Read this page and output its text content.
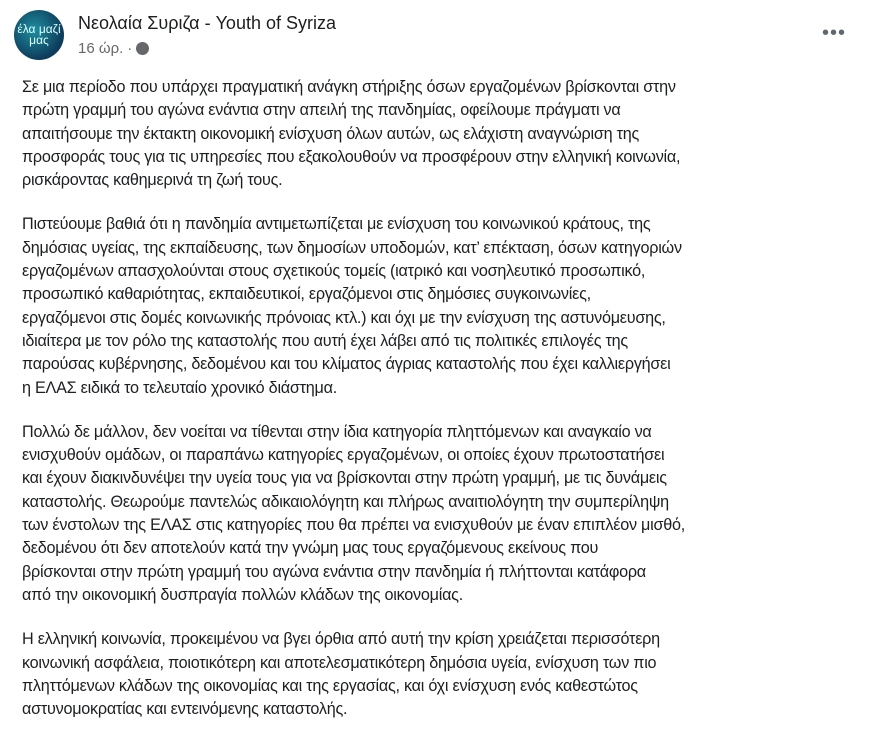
έλα μαζί μας
Νεολαία Συριζα - Youth of Syriza
16 ώρ. ·
•••
Σε μια περίοδο που υπάρχει πραγματική ανάγκη στήριξης όσων εργαζομένων βρίσκονται στην
πρώτη γραμμή του αγώνα ενάντια στην απειλή της πανδημίας, οφείλουμε πράγματι να
απαιτήσουμε την έκτακτη οικονομική ενίσχυση όλων αυτών, ως ελάχιστη αναγνώριση της
προσφοράς τους για τις υπηρεσίες που εξακολουθούν να προσφέρουν στην ελληνική κοινωνία,
ρισκάροντας καθημερινά τη ζωή τους.
Πιστεύουμε βαθιά ότι η πανδημία αντιμετωπίζεται με ενίσχυση του κοινωνικού κράτους, της
δημόσιας υγείας, της εκπαίδευσης, των δημοσίων υποδομών, κατ’ επέκταση, όσων κατηγοριών
εργαζομένων απασχολούνται στους σχετικούς τομείς (ιατρικό και νοσηλευτικό προσωπικό,
προσωπικό καθαριότητας, εκπαιδευτικοί, εργαζόμενοι στις δημόσιες συγκοινωνίες,
εργαζόμενοι στις δομές κοινωνικής πρόνοιας κτλ.) και όχι με την ενίσχυση της αστυνόμευσης,
ιδιαίτερα με τον ρόλο της καταστολής που αυτή έχει λάβει από τις πολιτικές επιλογές της
παρούσας κυβέρνησης, δεδομένου και του κλίματος άγριας καταστολής που έχει καλλιεργήσει
η ΕΛΑΣ ειδικά το τελευταίο χρονικό διάστημα.
Πολλώ δε μάλλον, δεν νοείται να τίθενται στην ίδια κατηγορία πληττόμενων και αναγκαίο να
ενισχυθούν ομάδων, οι παραπάνω κατηγορίες εργαζομένων, οι οποίες έχουν πρωτοστατήσει
και έχουν διακινδυνέψει την υγεία τους για να βρίσκονται στην πρώτη γραμμή, με τις δυνάμεις
καταστολής. Θεωρούμε παντελώς αδικαιολόγητη και πλήρως αναιτιολόγητη την συμπερίληψη
των ένστολων της ΕΛΑΣ στις κατηγορίες που θα πρέπει να ενισχυθούν με έναν επιπλέον μισθό,
δεδομένου ότι δεν αποτελούν κατά την γνώμη μας τους εργαζόμενους εκείνους που
βρίσκονται στην πρώτη γραμμή του αγώνα ενάντια στην πανδημία ή πλήττονται κατάφορα
από την οικονομική δυσπραγία πολλών κλάδων της οικονομίας.
Η ελληνική κοινωνία, προκειμένου να βγει όρθια από αυτή την κρίση χρειάζεται περισσότερη
κοινωνική ασφάλεια, ποιοτικότερη και αποτελεσματικότερη δημόσια υγεία, ενίσχυση των πιο
πληττόμενων κλάδων της οικονομίας και της εργασίας, και όχι ενίσχυση ενός καθεστώτος
αστυνομοκρατίας και εντεινόμενης καταστολής.
